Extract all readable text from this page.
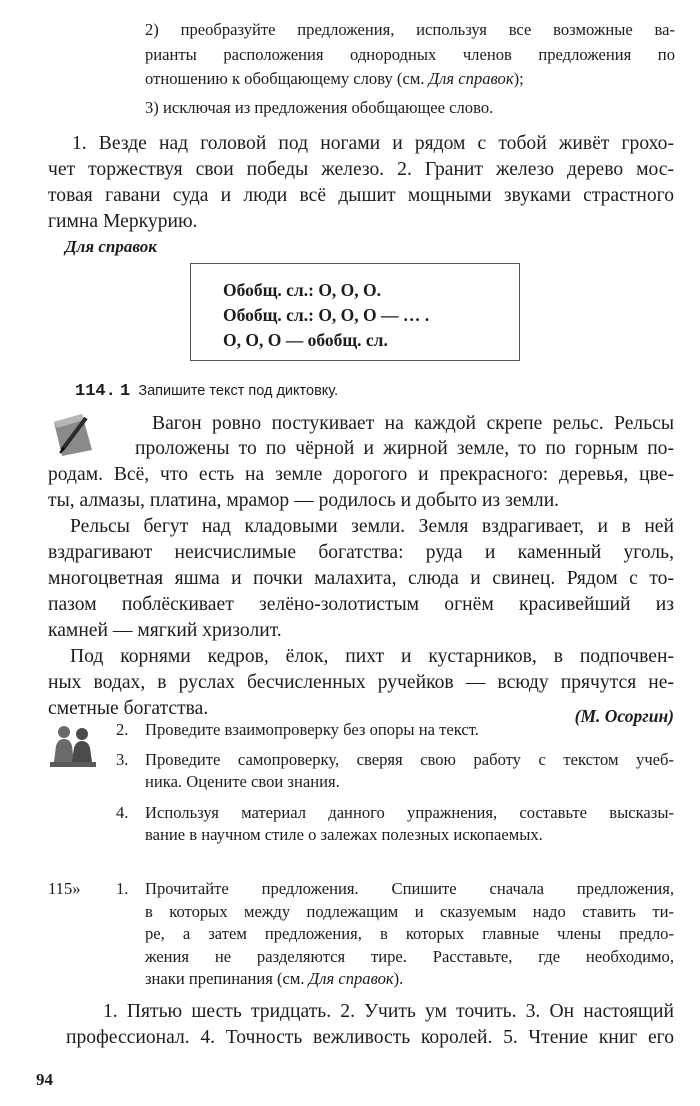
2) преобразуйте предложения, используя все возможные ва-
рианты расположения однородных членов предложения по
отношению к обобщающему слову (см. Для справок);
3) исключая из предложения обобщающее слово.
1. Везде над головой под ногами и рядом с тобой живёт грохо-
чет торжествуя свои победы железо. 2. Гранит железо дерево мос-
товая гавани суда и люди всё дышит мощными звуками страстного
гимна Меркурию.
Для справок
Обобщ. сл.: О, О, О.
Обобщ. сл.: О, О, О — … .
О, О, О — обобщ. сл.
114. 1 Запишите текст под диктовку.
Вагон ровно постукивает на каждой скрепе рельс. Рельсы
проложены то по чёрной и жирной земле, то по горным по-
родам. Всё, что есть на земле дорогого и прекрасного: деревья, цве-
ты, алмазы, платина, мрамор — родилось и добыто из земли.
Рельсы бегут над кладовыми земли. Земля вздрагивает, и в ней
вздрагивают неисчислимые богатства: руда и каменный уголь,
многоцветная яшма и почки малахита, слюда и свинец. Рядом с то-
пазом поблёскивает зелёно-золотистым огнём красивейший из
камней — мягкий хризолит.
Под корнями кедров, ёлок, пихт и кустарников, в подпочвен-
ных водах, в руслах бесчисленных ручейков — всюду прячутся не-
сметные богатства.	(М. Осоргин)
2. Проведите взаимопроверку без опоры на текст.
3. Проведите самопроверку, сверяя свою работу с текстом учеб-
ника. Оцените свои знания.
4. Используя материал данного упражнения, составьте высказы-
вание в научном стиле о залежах полезных ископаемых.
115» 1. Прочитайте предложения. Спишите сначала предложения,
в которых между подлежащим и сказуемым надо ставить ти-
ре, а затем предложения, в которых главные члены предло-
жения не разделяются тире. Расставьте, где необходимо,
знаки препинания (см. Для справок).
1. Пятью шесть тридцать. 2. Учить ум точить. 3. Он настоящий
профессионал. 4. Точность вежливость королей. 5. Чтение книг его
94
